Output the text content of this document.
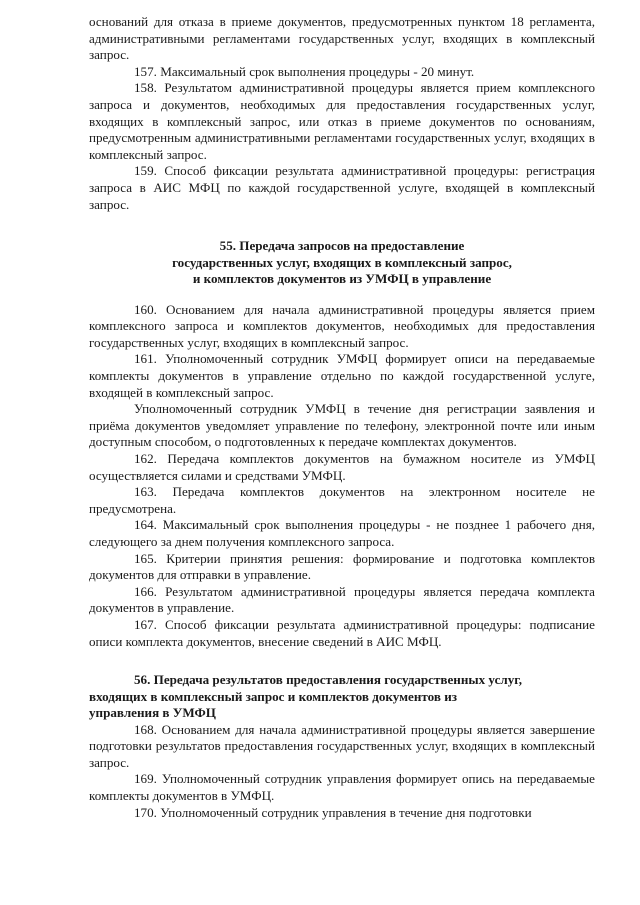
оснований для отказа в приеме документов, предусмотренных пунктом 18 регламента, административными регламентами государственных услуг, входящих в комплексный запрос.

157. Максимальный срок выполнения процедуры - 20 минут.

158. Результатом административной процедуры является прием комплексного запроса и документов, необходимых для предоставления государственных услуг, входящих в комплексный запрос, или отказ в приеме документов по основаниям, предусмотренным административными регламентами государственных услуг, входящих в комплексный запрос.

159. Способ фиксации результата административной процедуры: регистрация запроса в АИС МФЦ по каждой государственной услуге, входящей в комплексный запрос.

55. Передача запросов на предоставление
государственных услуг, входящих в комплексный запрос,
и комплектов документов из УМФЦ в управление

160. Основанием для начала административной процедуры является прием комплексного запроса и комплектов документов, необходимых для предоставления государственных услуг, входящих в комплексный запрос.

161. Уполномоченный сотрудник УМФЦ формирует описи на передаваемые комплекты документов в управление отдельно по каждой государственной услуге, входящей в комплексный запрос.

Уполномоченный сотрудник УМФЦ в течение дня регистрации заявления и приёма документов уведомляет управление по телефону, электронной почте или иным доступным способом, о подготовленных к передаче комплектах документов.

162. Передача комплектов документов на бумажном носителе из УМФЦ осуществляется силами и средствами УМФЦ.

163. Передача комплектов документов на электронном носителе не предусмотрена.

164. Максимальный срок выполнения процедуры - не позднее 1 рабочего дня, следующего за днем получения комплексного запроса.

165. Критерии принятия решения: формирование и подготовка комплектов документов для отправки в управление.

166. Результатом административной процедуры является передача комплекта документов в управление.

167. Способ фиксации результата административной процедуры: подписание описи комплекта документов, внесение сведений в АИС МФЦ.

56. Передача результатов предоставления государственных услуг,
входящих в комплексный запрос и комплектов документов из
управления в УМФЦ

168. Основанием для начала административной процедуры является завершение подготовки результатов предоставления государственных услуг, входящих в комплексный запрос.

169. Уполномоченный сотрудник управления формирует опись на передаваемые комплекты документов в УМФЦ.

170. Уполномоченный сотрудник управления в течение дня подготовки
